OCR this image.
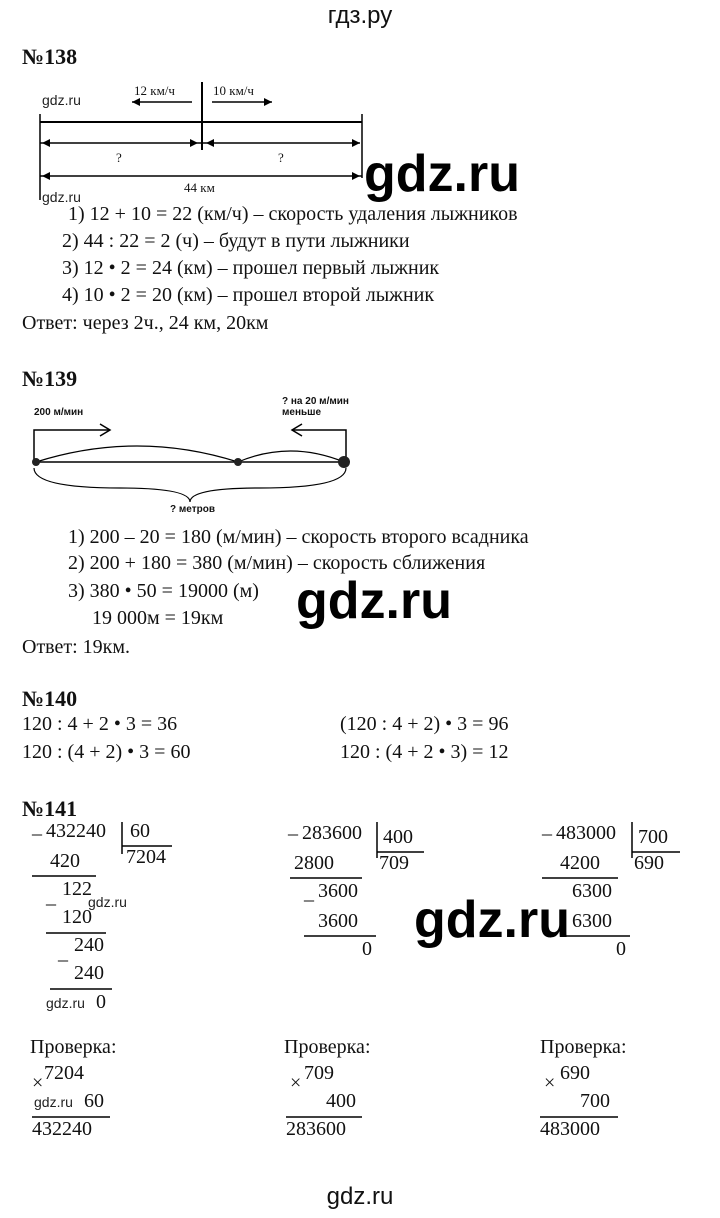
гдз.ру
№138
gdz.ru
12 км/ч	10 км/ч
?	?
44 км	gdz.ru
gdz.ru
1) 12 + 10 = 22 (км/ч) – скорость удаления лыжников
2) 44 : 22 = 2 (ч) – будут в пути лыжники
3) 12 • 2 = 24 (км) – прошел первый лыжник
4) 10 • 2 = 20 (км) – прошел второй лыжник
Ответ: через 2ч., 24 км, 20км
№139
200 м/мин
? на 20 м/мин
меньше
? метров
1) 200 – 20 = 180 (м/мин) – скорость второго всадника
2) 200 + 180 = 380 (м/мин) – скорость сближения
3) 380 • 50 = 19000 (м)
19 000м = 19км
Ответ: 19км.
gdz.ru
№140
120 : 4 + 2 • 3 = 36	(120 : 4 + 2) • 3 = 96
120 : (4 + 2) • 3 = 60	120 : (4 + 2 • 3) = 12
№141
_ 432240 60
7204
420
122
_
120
240
_
240
0
gdz.ru
gdz.ru
_ 283600 400
709
2800
_ 3600
3600
0
_ 483000 700
690
4200
6300
6300
0
gdz.ru
Проверка:
7204
×
60
432240
gdz.ru
Проверка:
709
×
400
283600
Проверка:
690
×
700
483000
gdz.ru
